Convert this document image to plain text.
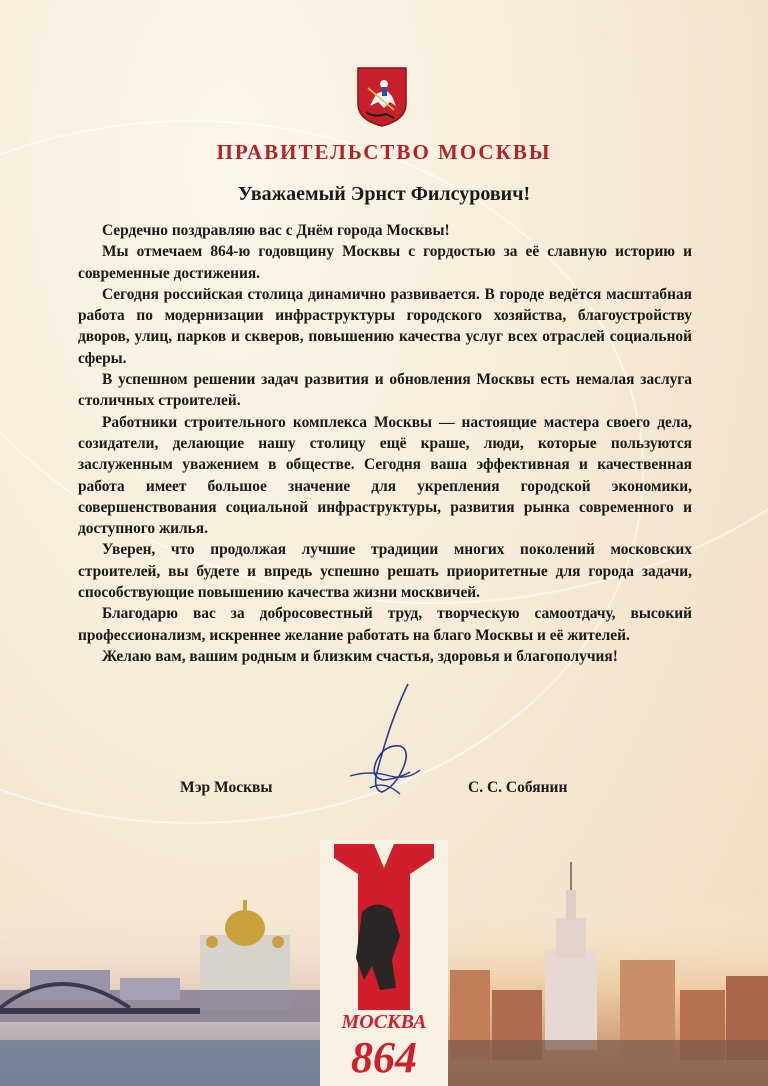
ПРАВИТЕЛЬСТВО МОСКВЫ
Уважаемый Эрнст Филсурович!

Сердечно поздравляю вас с Днём города Москвы!

Мы отмечаем 864-ю годовщину Москвы с гордостью за её славную историю и современные достижения.

Сегодня российская столица динамично развивается. В городе ведётся масштабная работа по модернизации инфраструктуры городского хозяйства, благоустройству дворов, улиц, парков и скверов, повышению качества услуг всех отраслей социальной сферы.

В успешном решении задач развития и обновления Москвы есть немалая заслуга столичных строителей.

Работники строительного комплекса Москвы — настоящие мастера своего дела, созидатели, делающие нашу столицу ещё краше, люди, которые пользуются заслуженным уважением в обществе. Сегодня ваша эффективная и качественная работа имеет большое значение для укрепления городской экономики, совершенствования социальной инфраструктуры, развития рынка современного и доступного жилья.

Уверен, что продолжая лучшие традиции многих поколений московских строителей, вы будете и впредь успешно решать приоритетные для города задачи, способствующие повышению качества жизни москвичей.

Благодарю вас за добросовестный труд, творческую самоотдачу, высокий профессионализм, искреннее желание работать на благо Москвы и её жителей.

Желаю вам, вашим родным и близким счастья, здоровья и благополучия!

Мэр Москвы	С. С. Собянин
МОСКВА
864
